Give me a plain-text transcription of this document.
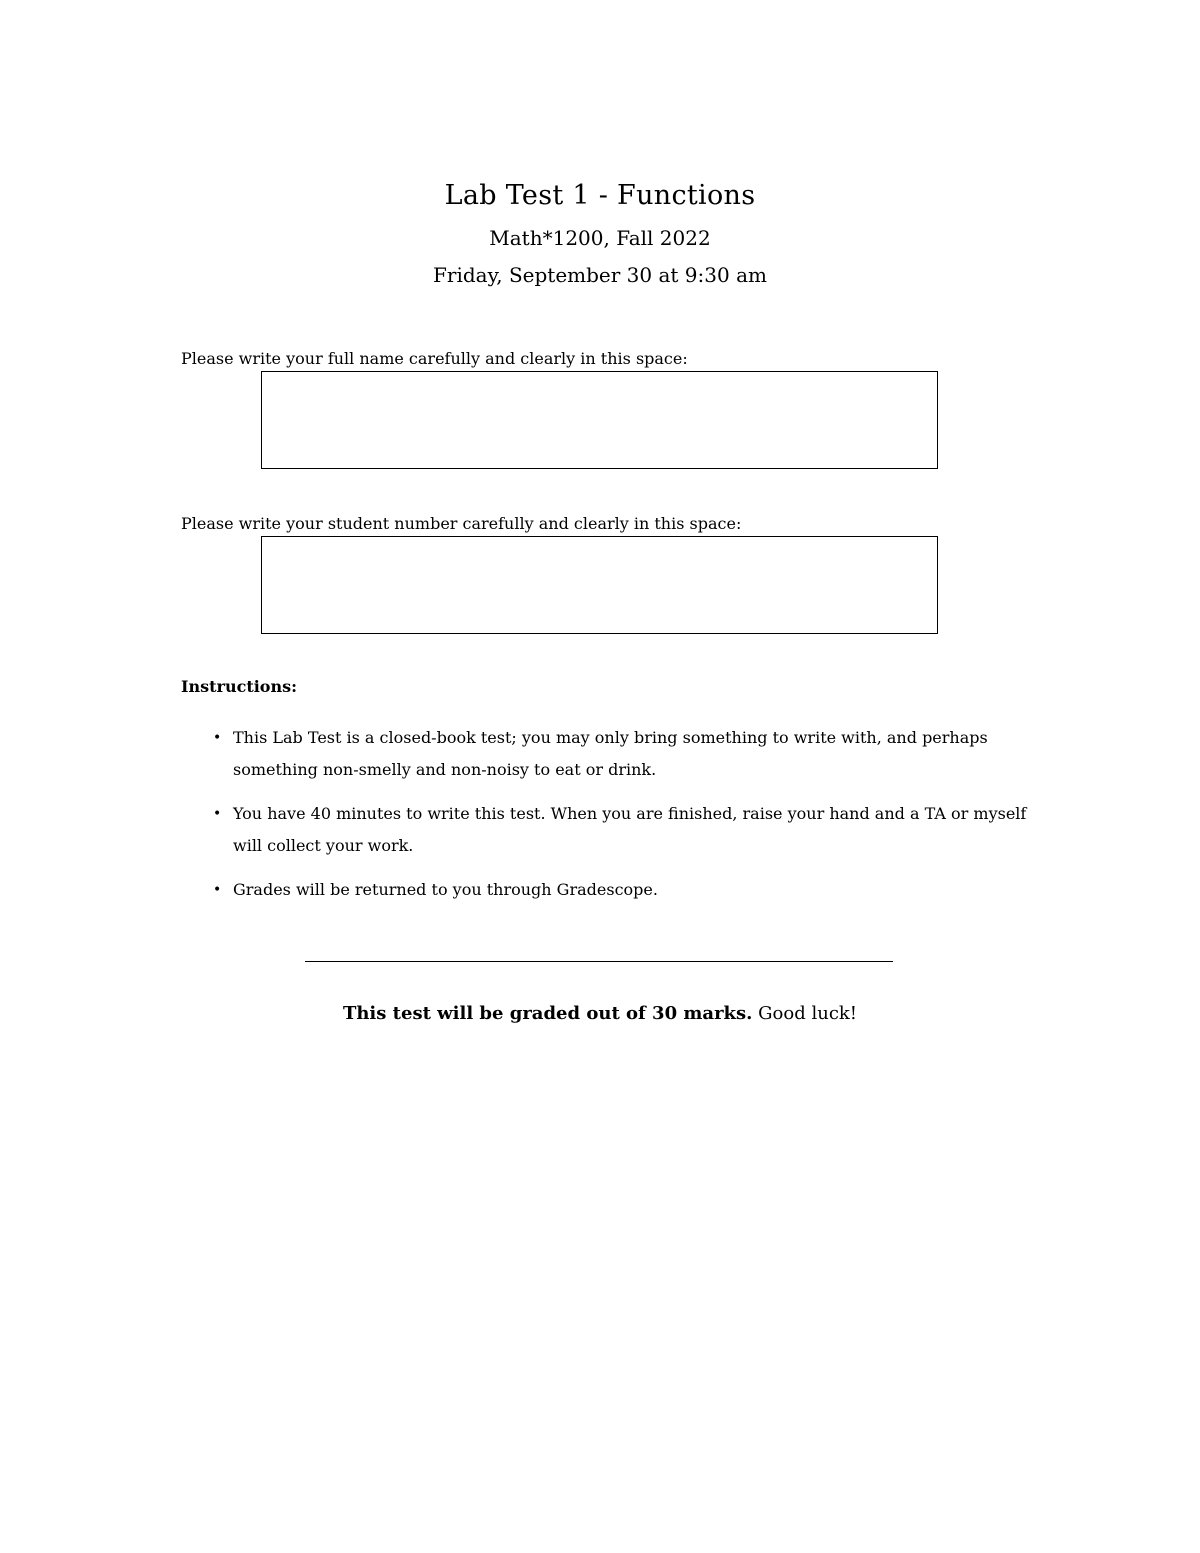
Lab Test 1 - Functions
Math*1200, Fall 2022
Friday, September 30 at 9:30 am
Please write your full name carefully and clearly in this space:
Please write your student number carefully and clearly in this space:
Instructions:
• This Lab Test is a closed-book test; you may only bring something to write with, and perhaps something non-smelly and non-noisy to eat or drink.
• You have 40 minutes to write this test. When you are finished, raise your hand and a TA or myself will collect your work.
• Grades will be returned to you through Gradescope.
This test will be graded out of 30 marks. Good luck!
